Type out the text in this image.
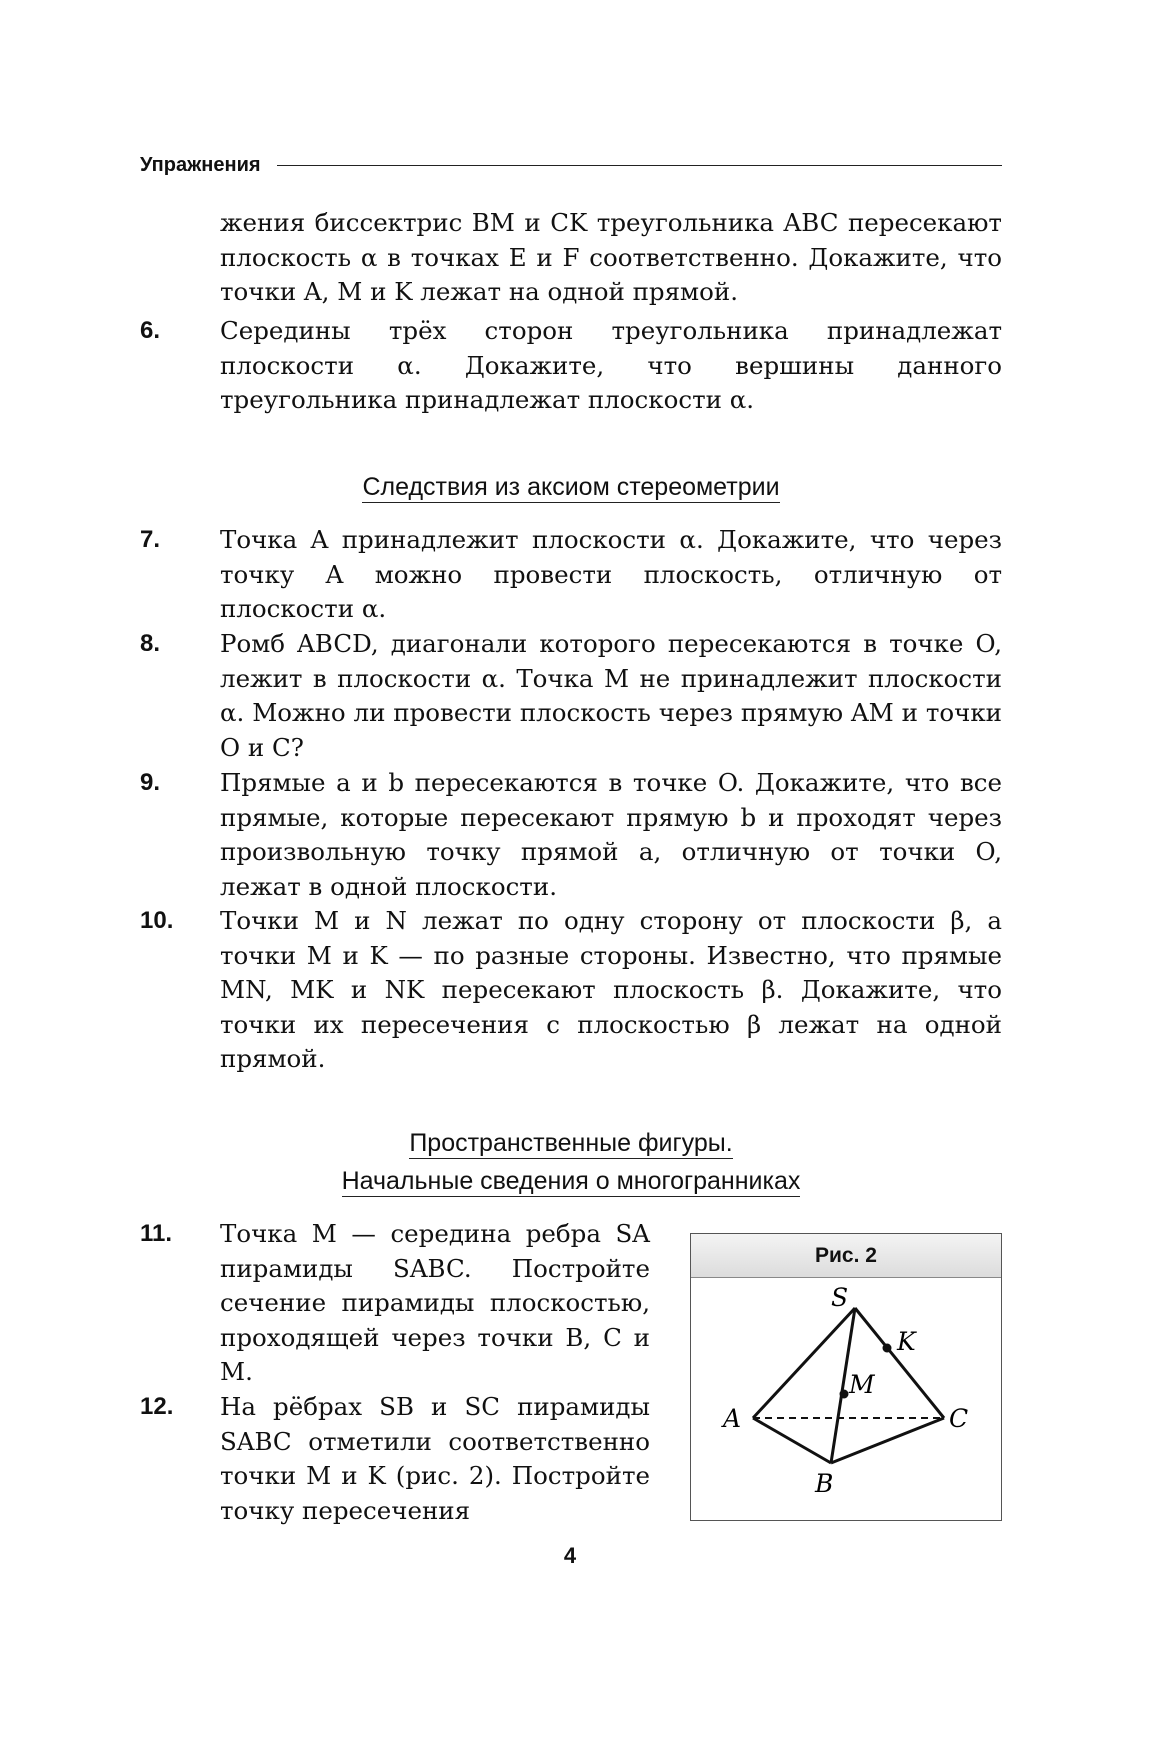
Упражнения
жения биссектрис BM и CK треугольника ABC пересекают плоскость α в точках E и F соответственно. Докажите, что точки A, M и K лежат на одной прямой.
6. Середины трёх сторон треугольника принадлежат плоскости α. Докажите, что вершины данного треугольника принадлежат плоскости α.
Следствия из аксиом стереометрии
7. Точка A принадлежит плоскости α. Докажите, что через точку A можно провести плоскость, отличную от плоскости α.
8. Ромб ABCD, диагонали которого пересекаются в точке O, лежит в плоскости α. Точка M не принадлежит плоскости α. Можно ли провести плоскость через прямую AM и точки O и C?
9. Прямые a и b пересекаются в точке O. Докажите, что все прямые, которые пересекают прямую b и проходят через произвольную точку прямой a, отличную от точки O, лежат в одной плоскости.
10. Точки M и N лежат по одну сторону от плоскости β, а точки M и K — по разные стороны. Известно, что прямые MN, MK и NK пересекают плоскость β. Докажите, что точки их пересечения с плоскостью β лежат на одной прямой.
Пространственные фигуры.
Начальные сведения о многогранниках
11. Точка M — середина ребра SA пирамиды SABC. Постройте сечение пирамиды плоскостью, проходящей через точки B, C и M.
12. На рёбрах SB и SC пирамиды SABC отметили соответственно точки M и K (рис. 2). Постройте точку пересечения
Рис. 2
S
K
M
A	C
B
4
